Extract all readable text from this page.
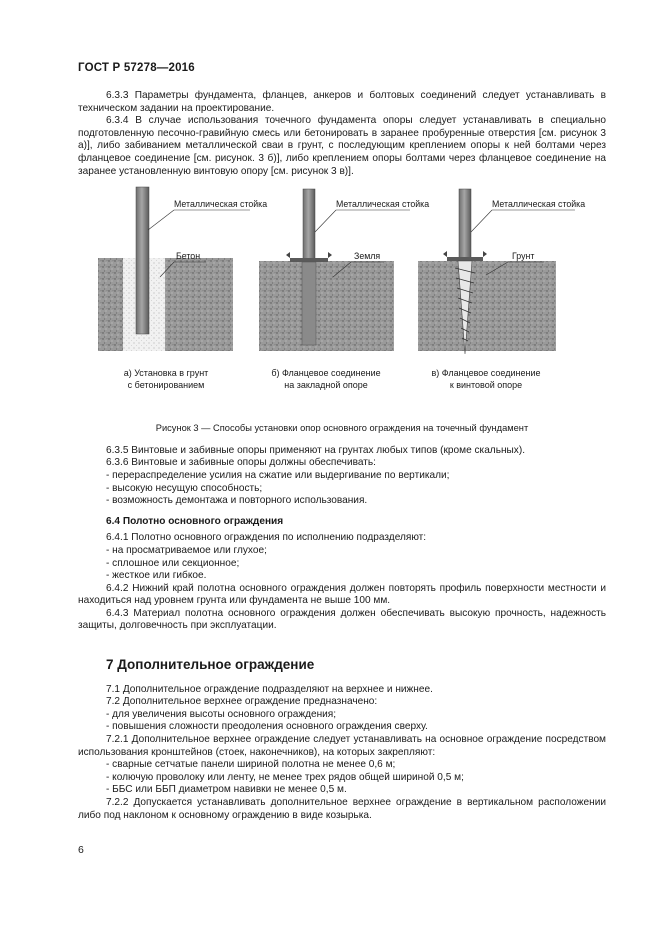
ГОСТ Р 57278—2016

6.3.3 Параметры фундамента, фланцев, анкеров и болтовых соединений следует устанавливать в техническом задании на проектирование.

6.3.4 В случае использования точечного фундамента опоры следует устанавливать в специально подготовленную песочно-гравийную смесь или бетонировать в заранее пробуренные отверстия [см. рисунок 3 а)], либо забиванием металлической сваи в грунт, с последующим креплением опоры к ней болтами через фланцевое соединение [см. рисунок. 3 б)], либо креплением опоры болтами через фланцевое соединение на заранее установленную винтовую опору [см. рисунок 3 в)].

Металлическая стойка
Бетон
Металлическая стойка
Земля
Металлическая стойка
Грунт
а) Установка в грунт
с бетонированием
б) Фланцевое соединение
на закладной опоре
в) Фланцевое соединение
к винтовой опоре

Рисунок 3 — Способы установки опор основного ограждения на точечный фундамент

6.3.5 Винтовые и забивные опоры применяют на грунтах любых типов (кроме скальных).

6.3.6 Винтовые и забивные опоры должны обеспечивать:

- перераспределение усилия на сжатие или выдергивание по вертикали;

- высокую несущую способность;

- возможность демонтажа и повторного использования.

6.4 Полотно основного ограждения

6.4.1 Полотно основного ограждения по исполнению подразделяют:

- на просматриваемое или глухое;

- сплошное или секционное;

- жесткое или гибкое.

6.4.2 Нижний край полотна основного ограждения должен повторять профиль поверхности местности и находиться над уровнем грунта или фундамента не выше 100 мм.

6.4.3 Материал полотна основного ограждения должен обеспечивать высокую прочность, надежность защиты, долговечность при эксплуатации.

7 Дополнительное ограждение

7.1 Дополнительное ограждение подразделяют на верхнее и нижнее.

7.2 Дополнительное верхнее ограждение предназначено:

- для увеличения высоты основного ограждения;

- повышения сложности преодоления основного ограждения сверху.

7.2.1 Дополнительное верхнее ограждение следует устанавливать на основное ограждение посредством использования кронштейнов (стоек, наконечников), на которых закрепляют:

- сварные сетчатые панели шириной полотна не менее 0,6 м;

- колючую проволоку или ленту, не менее трех рядов общей шириной 0,5 м;

- ББС или ББП диаметром навивки не менее 0,5 м.

7.2.2 Допускается устанавливать дополнительное верхнее ограждение в вертикальном расположении либо под наклоном к основному ограждению в виде козырька.

6
